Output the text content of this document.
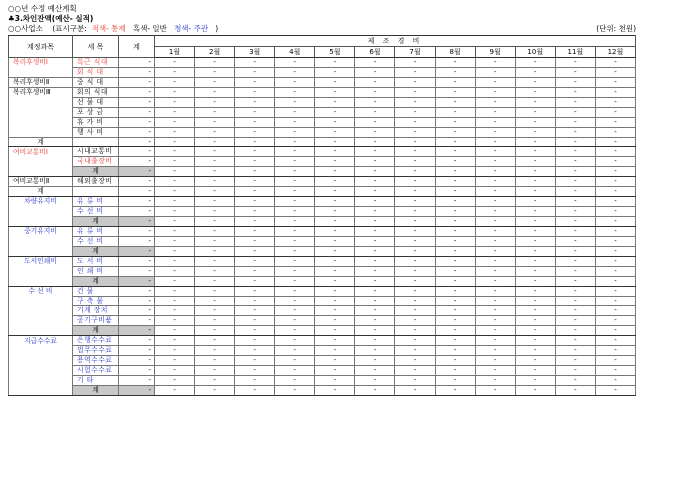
○○년 수정 예산계획
♣3.차인잔액(예산- 실적)
○○사업소 (표시구분: 적색- 통제 흑색- 일반 청색- 주관 )	(단위: 천원)
계정과목	세 목	계	제 조 경 비											
			1월	2월	3월	4월	5월	6월	7월	8월	9월	10월	11월	12월
복리후생비Ⅰ	특근 식대	-	-	-	-	-	-	-	-	-	-	-	-	-
	회 식 대	-	-	-	-	-	-	-	-	-	-	-	-	-
복리후생비Ⅱ	중 식 대	-	-	-	-	-	-	-	-	-	-	-	-	-
복리후생비Ⅲ	회의 식대	-	-	-	-	-	-	-	-	-	-	-	-	-
	선 물 대	-	-	-	-	-	-	-	-	-	-	-	-	-
	포 상 금	-	-	-	-	-	-	-	-	-	-	-	-	-
	휴 가 비	-	-	-	-	-	-	-	-	-	-	-	-	-
	행 사 비	-	-	-	-	-	-	-	-	-	-	-	-	-
계		-	-	-	-	-	-	-	-	-	-	-	-	-
여비교통비Ⅰ	시내교통비	-	-	-	-	-	-	-	-	-	-	-	-	-
	국내출장비	-	-	-	-	-	-	-	-	-	-	-	-	-
	계	-	-	-	-	-	-	-	-	-	-	-	-	-
여비교통비Ⅱ	해외출장비	-	-	-	-	-	-	-	-	-	-	-	-	-
계		-	-	-	-	-	-	-	-	-	-	-	-	-
차량유지비	유 류 비	-	-	-	-	-	-	-	-	-	-	-	-	-
	수 선 비	-	-	-	-	-	-	-	-	-	-	-	-	-
	계	-	-	-	-	-	-	-	-	-	-	-	-	-
중기유지비	유 류 비	-	-	-	-	-	-	-	-	-	-	-	-	-
	수 선 비	-	-	-	-	-	-	-	-	-	-	-	-	-
	계	-	-	-	-	-	-	-	-	-	-	-	-	-
도서인쇄비	도 서 비	-	-	-	-	-	-	-	-	-	-	-	-	-
	인 쇄 비	-	-	-	-	-	-	-	-	-	-	-	-	-
	계	-	-	-	-	-	-	-	-	-	-	-	-	-
수 선 비	건 물	-	-	-	-	-	-	-	-	-	-	-	-	-
	구 축 물	-	-	-	-	-	-	-	-	-	-	-	-	-
	기계 장치	-	-	-	-	-	-	-	-	-	-	-	-	-
	공기구비품	-	-	-	-	-	-	-	-	-	-	-	-	-
	계	-	-	-	-	-	-	-	-	-	-	-	-	-
지급수수료	은행수수료	-	-	-	-	-	-	-	-	-	-	-	-	-
	법무수수료	-	-	-	-	-	-	-	-	-	-	-	-	-
	용역수수료	-	-	-	-	-	-	-	-	-	-	-	-	-
	시험수수료	-	-	-	-	-	-	-	-	-	-	-	-	-
	기 타	-	-	-	-	-	-	-	-	-	-	-	-	-
	계	-	-	-	-	-	-	-	-	-	-	-	-	-
